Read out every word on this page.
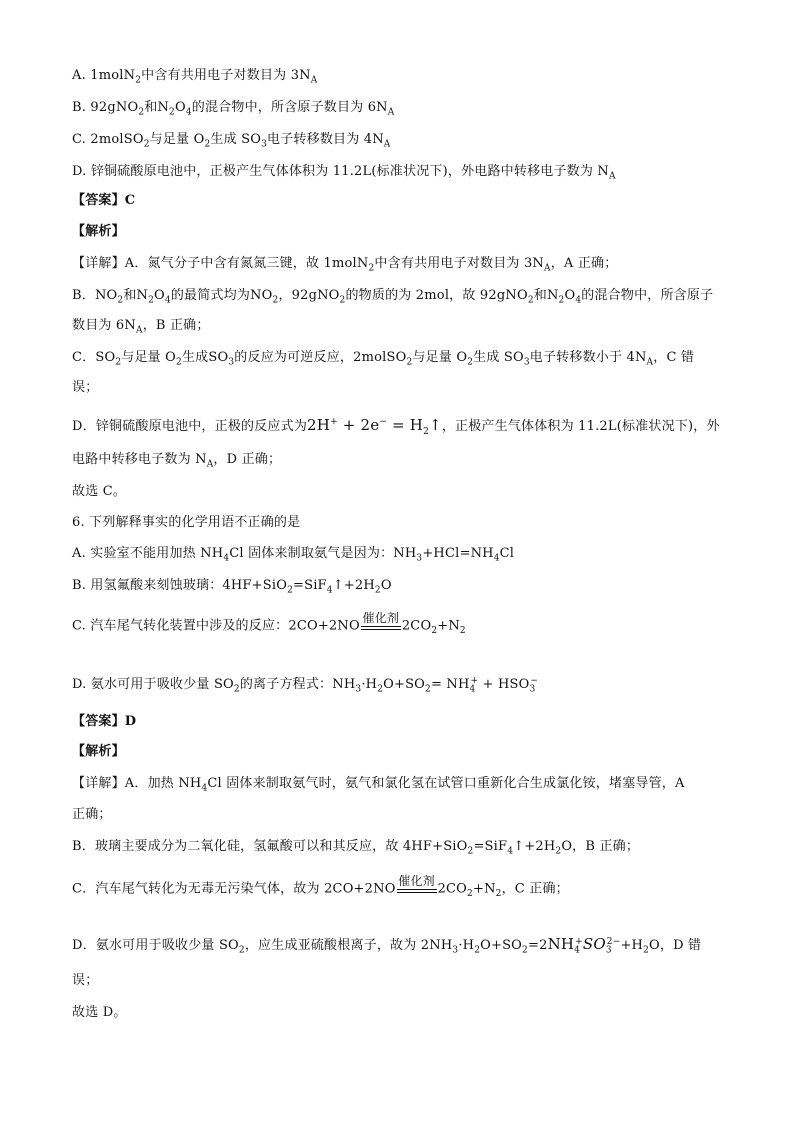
A. 1molN$_2$中含有共用电子对数目为 $3N_A$
B. 92gNO$_2$和$N_2O_4$的混合物中，所含原子数目为 $6N_A$
C. 2molSO$_2$与足量 $O_2$生成 $SO_3$电子转移数目为 $4N_A$
D. 锌铜硫酸原电池中，正极产生气体体积为 11.2L(标准状况下)，外电路中转移电子数为 $N_A$
【答案】C
【解析】
【详解】A．氮气分子中含有氮氮三键，故 1molN$_2$中含有共用电子对数目为 $3N_A$，A 正确；
B．$NO_2$和$N_2O_4$的最简式均为$NO_2$，92gNO$_2$的物质的为 2mol，故 92gNO$_2$和$N_2O_4$的混合物中，所含原子
数目为 $6N_A$，B 正确；
C．$SO_2$与足量 $O_2$生成$SO_3$的反应为可逆反应，2molSO$_2$与足量 $O_2$生成 $SO_3$电子转移数小于 $4N_A$，C 错
误；
D．锌铜硫酸原电池中，正极的反应式为$2H^+ + 2e^- = H_2↑$，正极产生气体体积为 11.2L(标准状况下)，外
电路中转移电子数为 $N_A$，D 正确；
故选 C。
6. 下列解释事实的化学用语不正确的是
A. 实验室不能用加热 $NH_4Cl$ 固体来制取氨气是因为：$NH_3+HCl=NH_4Cl$
B. 用氢氟酸来刻蚀玻璃：$4HF+SiO_2=SiF_4↑+2H_2O$
C. 汽车尾气转化装置中涉及的反应：2CO+2NO
催化剂
$2CO_2+N_2$
D. 氨水可用于吸收少量 $SO_2$的离子方程式：$NH_3\cdot H_2O+SO_2= NH_4^+ + HSO_3^-$
【答案】D
【解析】
【详解】A．加热 $NH_4Cl$ 固体来制取氨气时，氨气和氯化氢在试管口重新化合生成氯化铵，堵塞导管，A
正确；
B．玻璃主要成分为二氧化硅，氢氟酸可以和其反应，故 $4HF+SiO_2=SiF_4↑+2H_2O$，B 正确；
C．汽车尾气转化为无毒无污染气体，故为 2CO+2NO
催化剂
$2CO_2+N_2$，C 正确；
D．氨水可用于吸收少量 $SO_2$，应生成亚硫酸根离子，故为 $2NH_3\cdot H_2O+SO_2=2NH_4^+SO_3^{2-}+H_2O$，D 错
误；
故选 D。
